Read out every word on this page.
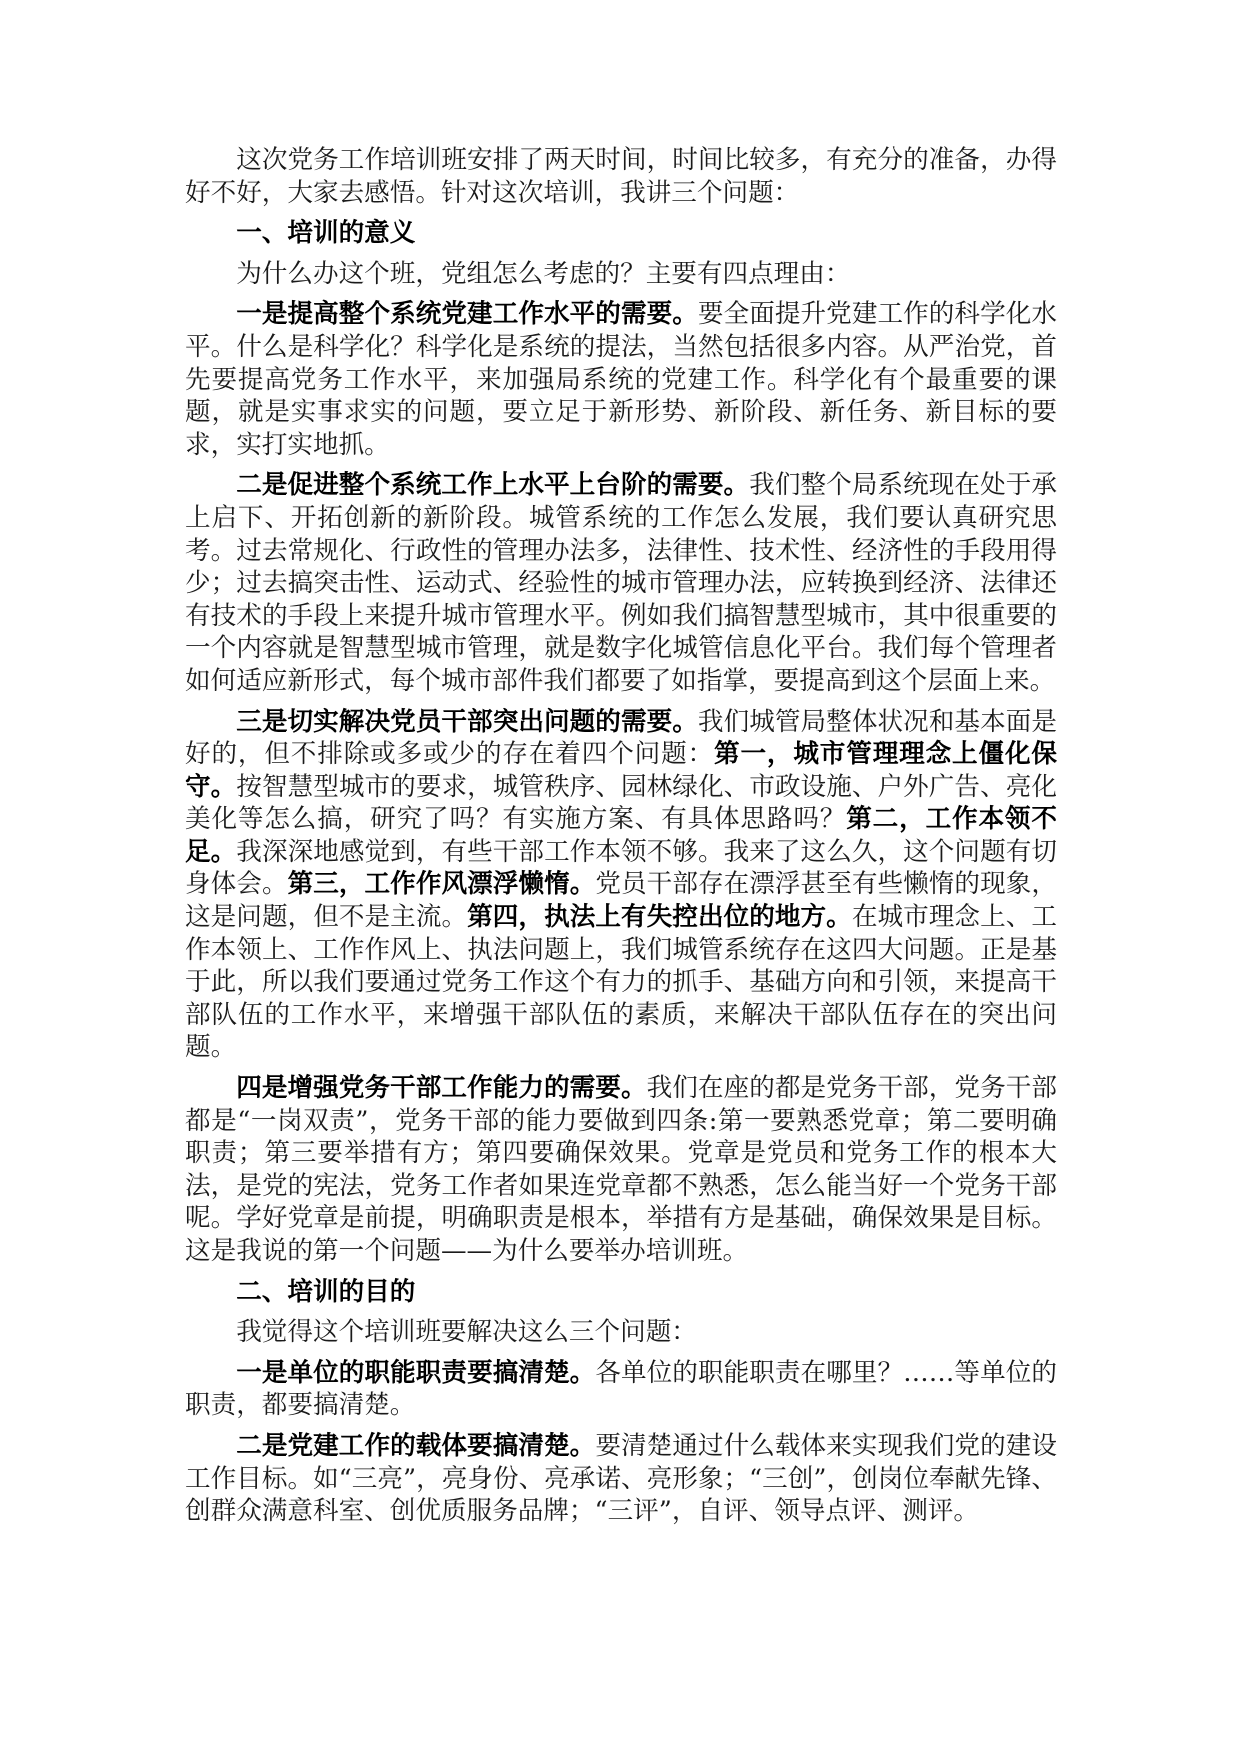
这次党务工作培训班安排了两天时间，时间比较多，有充分的准备，办得好不好，大家去感悟。针对这次培训，我讲三个问题：

一、培训的意义

为什么办这个班，党组怎么考虑的？主要有四点理由：

一是提高整个系统党建工作水平的需要。要全面提升党建工作的科学化水平。什么是科学化？科学化是系统的提法，当然包括很多内容。从严治党，首先要提高党务工作水平，来加强局系统的党建工作。科学化有个最重要的课题，就是实事求实的问题，要立足于新形势、新阶段、新任务、新目标的要求，实打实地抓。

二是促进整个系统工作上水平上台阶的需要。我们整个局系统现在处于承上启下、开拓创新的新阶段。城管系统的工作怎么发展，我们要认真研究思考。过去常规化、行政性的管理办法多，法律性、技术性、经济性的手段用得少；过去搞突击性、运动式、经验性的城市管理办法，应转换到经济、法律还有技术的手段上来提升城市管理水平。例如我们搞智慧型城市，其中很重要的一个内容就是智慧型城市管理，就是数字化城管信息化平台。我们每个管理者如何适应新形式，每个城市部件我们都要了如指掌，要提高到这个层面上来。

三是切实解决党员干部突出问题的需要。我们城管局整体状况和基本面是好的，但不排除或多或少的存在着四个问题：第一，城市管理理念上僵化保守。按智慧型城市的要求，城管秩序、园林绿化、市政设施、户外广告、亮化美化等怎么搞，研究了吗？有实施方案、有具体思路吗？第二，工作本领不足。我深深地感觉到，有些干部工作本领不够。我来了这么久，这个问题有切身体会。第三，工作作风漂浮懒惰。党员干部存在漂浮甚至有些懒惰的现象，这是问题，但不是主流。第四，执法上有失控出位的地方。在城市理念上、工作本领上、工作作风上、执法问题上，我们城管系统存在这四大问题。正是基于此，所以我们要通过党务工作这个有力的抓手、基础方向和引领，来提高干部队伍的工作水平，来增强干部队伍的素质，来解决干部队伍存在的突出问题。

四是增强党务干部工作能力的需要。我们在座的都是党务干部，党务干部都是“一岗双责”，党务干部的能力要做到四条:第一要熟悉党章；第二要明确职责；第三要举措有方；第四要确保效果。党章是党员和党务工作的根本大法，是党的宪法，党务工作者如果连党章都不熟悉，怎么能当好一个党务干部呢。学好党章是前提，明确职责是根本，举措有方是基础，确保效果是目标。这是我说的第一个问题——为什么要举办培训班。

二、培训的目的

我觉得这个培训班要解决这么三个问题：

一是单位的职能职责要搞清楚。各单位的职能职责在哪里？……等单位的职责，都要搞清楚。

二是党建工作的载体要搞清楚。要清楚通过什么载体来实现我们党的建设工作目标。如“三亮”，亮身份、亮承诺、亮形象；“三创”，创岗位奉献先锋、创群众满意科室、创优质服务品牌；“三评”，自评、领导点评、测评。
